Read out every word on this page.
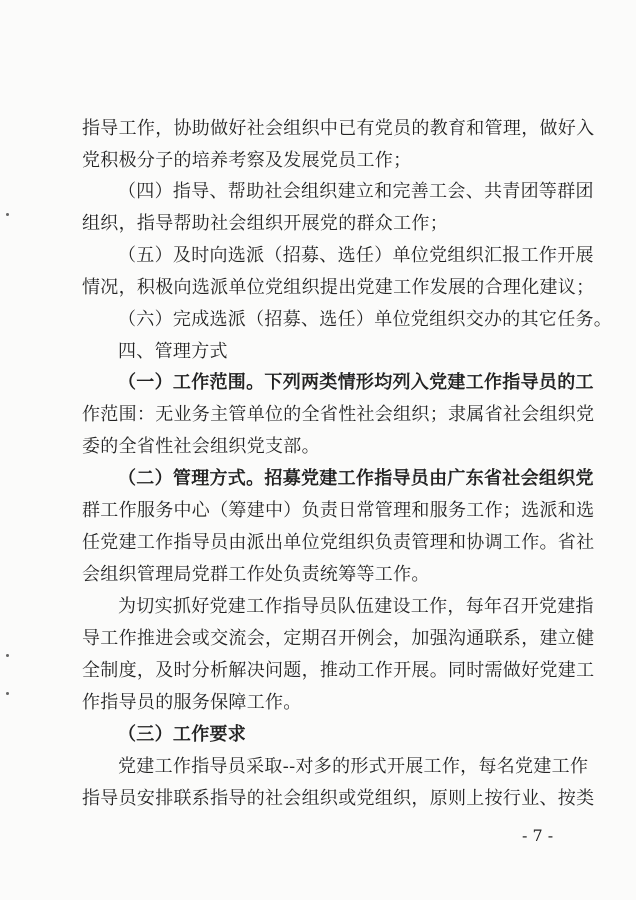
指导工作，协助做好社会组织中已有党员的教育和管理，做好入
党积极分子的培养考察及发展党员工作；
（四）指导、帮助社会组织建立和完善工会、共青团等群团
组织，指导帮助社会组织开展党的群众工作；
（五）及时向选派（招募、选任）单位党组织汇报工作开展
情况，积极向选派单位党组织提出党建工作发展的合理化建议；
（六）完成选派（招募、选任）单位党组织交办的其它任务。
四、管理方式
（一）工作范围。下列两类情形均列入党建工作指导员的工
作范围：无业务主管单位的全省性社会组织；隶属省社会组织党
委的全省性社会组织党支部。
（二）管理方式。招募党建工作指导员由广东省社会组织党
群工作服务中心（筹建中）负责日常管理和服务工作；选派和选
任党建工作指导员由派出单位党组织负责管理和协调工作。省社
会组织管理局党群工作处负责统筹等工作。
为切实抓好党建工作指导员队伍建设工作，每年召开党建指
导工作推进会或交流会，定期召开例会，加强沟通联系，建立健
全制度，及时分析解决问题，推动工作开展。同时需做好党建工
作指导员的服务保障工作。
（三）工作要求
党建工作指导员采取--对多的形式开展工作，每名党建工作
指导员安排联系指导的社会组织或党组织，原则上按行业、按类
- 7 -
